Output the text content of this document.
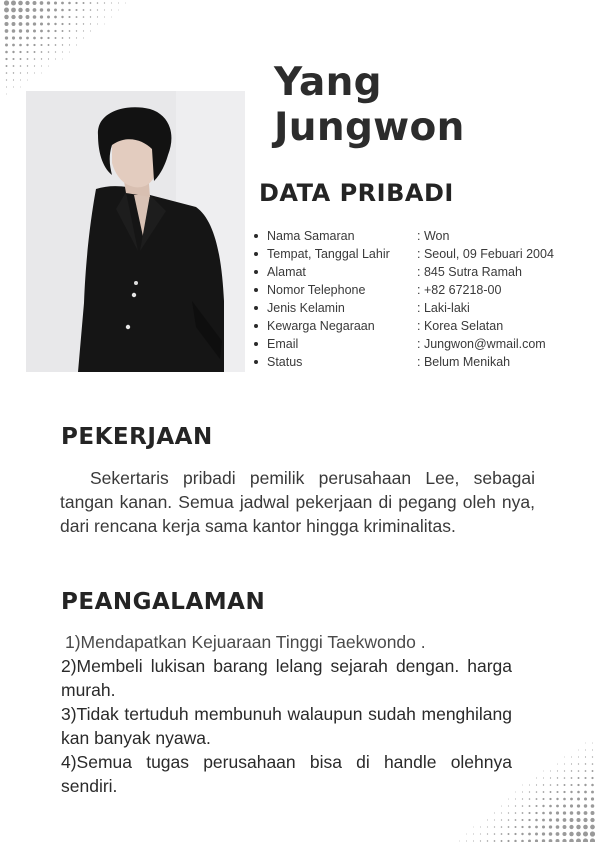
Yang
Jungwon
DATA PRIBADI
Nama Samaran	: Won
Tempat, Tanggal Lahir : Seoul, 09 Febuari 2004
Alamat	: 845 Sutra Ramah
Nomor Telephone	: +82 67218-00
Jenis Kelamin	: Laki-laki
Kewarga Negaraan	: Korea Selatan
Email	: Jungwon@wmail.com
Status	: Belum Menikah
PEKERJAAN

Sekertaris pribadi pemilik perusahaan Lee, sebagai tangan kanan. Semua jadwal pekerjaan di pegang oleh nya, dari rencana kerja sama kantor hingga kriminalitas.

PEANGALAMAN
1)Mendapatkan Kejuaraan Tinggi Taekwondo .
2)Membeli lukisan barang lelang sejarah dengan. harga murah.
3)Tidak tertuduh membunuh walaupun sudah menghilang kan banyak nyawa.
4)Semua tugas perusahaan bisa di handle olehnya sendiri.
